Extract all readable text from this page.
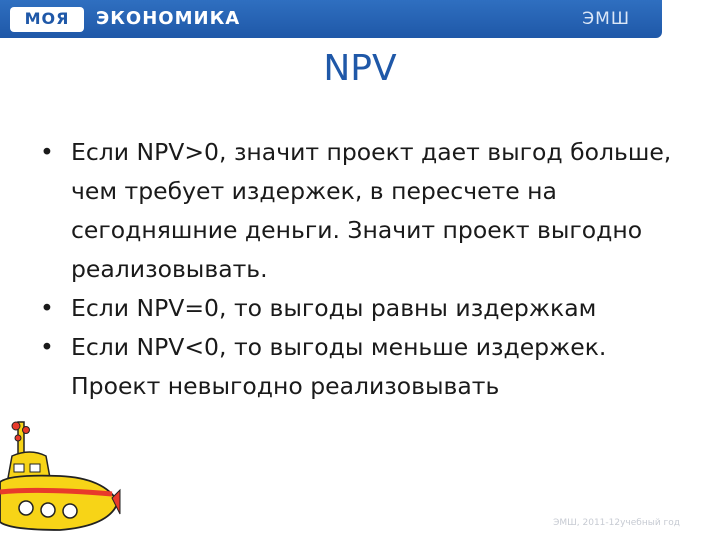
МОЯ	ЭКОНОМИКА	ЭМШ
NPV
• Если NPV>0, значит проект дает выгод больше, чем требует издержек, в пересчете на сегодняшние деньги. Значит проект выгодно реализовывать.
• Если NPV=0, то выгоды равны издержкам
• Если NPV<0, то выгоды меньше издержек. Проект невыгодно реализовывать
ЭМШ, 2011-12учебный год
